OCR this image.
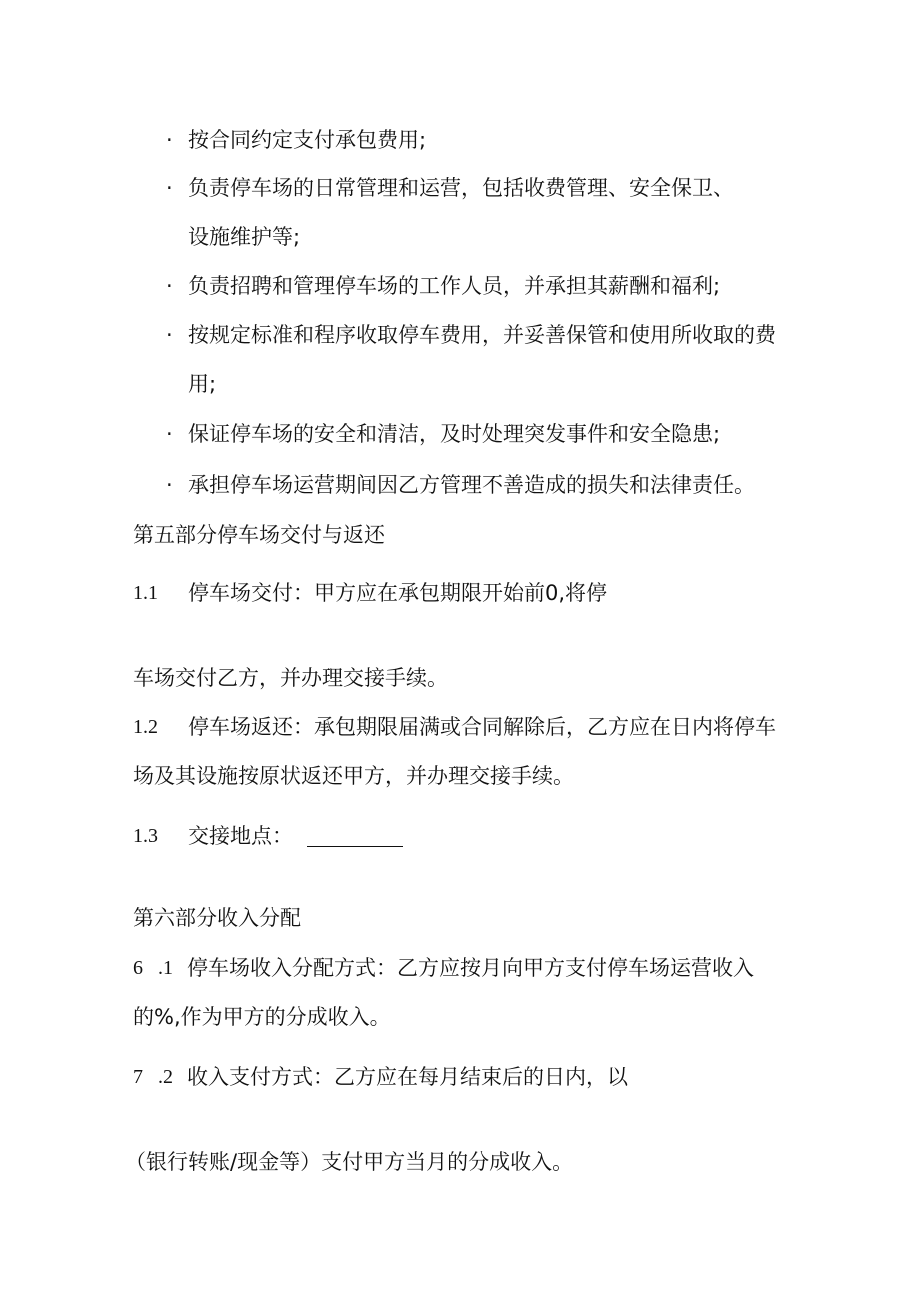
· 按合同约定支付承包费用;
· 负责停车场的日常管理和运营，包括收费管理、安全保卫、
设施维护等;
· 负责招聘和管理停车场的工作人员，并承担其薪酬和福利;
· 按规定标准和程序收取停车费用，并妥善保管和使用所收取的费
用;
· 保证停车场的安全和清洁，及时处理突发事件和安全隐患;
· 承担停车场运营期间因乙方管理不善造成的损失和法律责任。
第五部分停车场交付与返还
1.1 停车场交付：甲方应在承包期限开始前0,将停
车场交付乙方，并办理交接手续。
1.2 停车场返还：承包期限届满或合同解除后，乙方应在日内将停车
场及其设施按原状返还甲方，并办理交接手续。
1.3 交接地点：
第六部分收入分配
6 .1 停车场收入分配方式：乙方应按月向甲方支付停车场运营收入
的%,作为甲方的分成收入。
7 .2 收入支付方式：乙方应在每月结束后的日内，以
（银行转账/现金等）支付甲方当月的分成收入。
